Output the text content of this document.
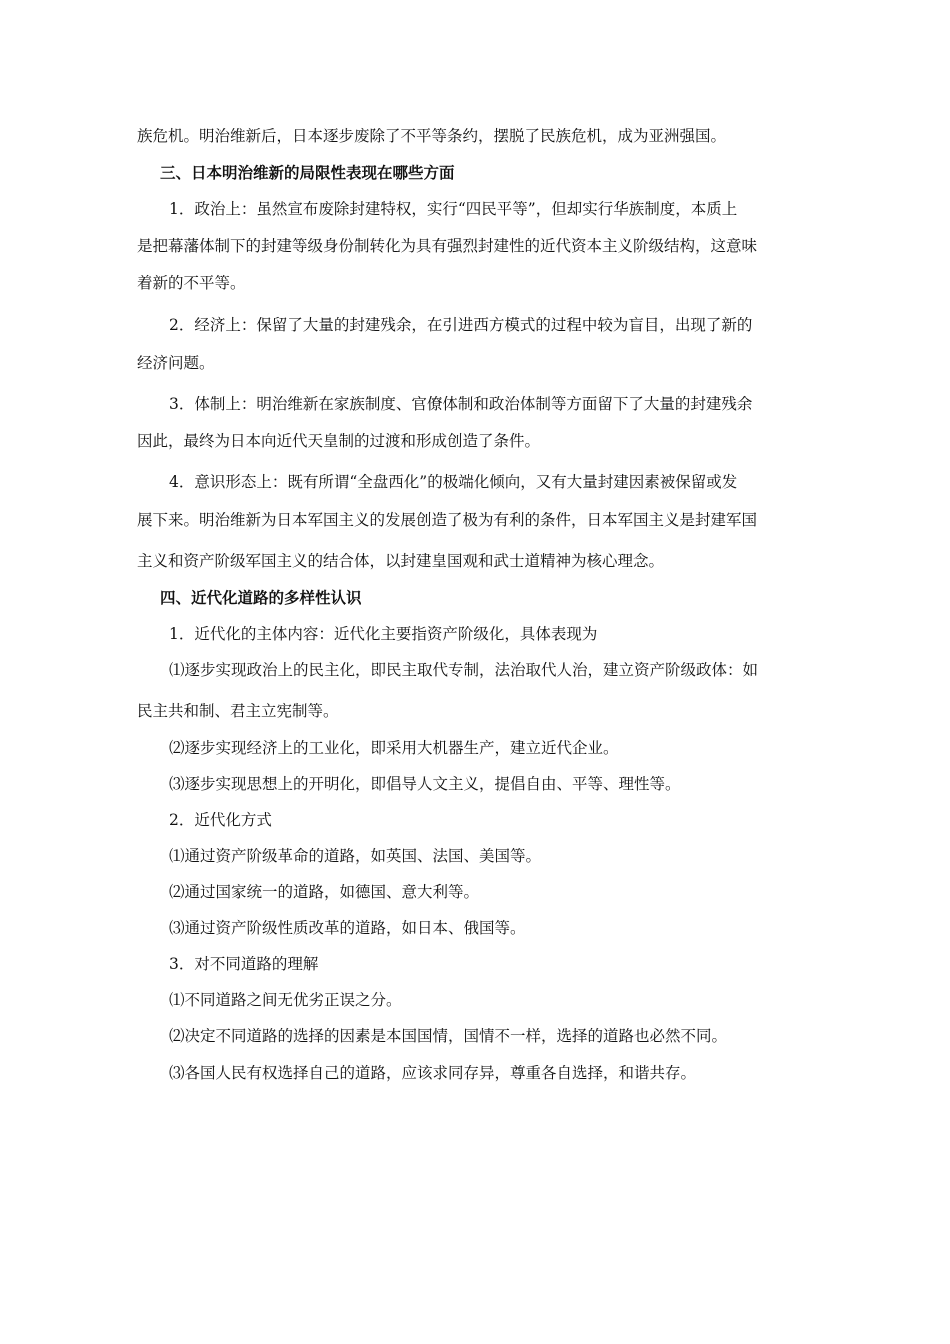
族危机。明治维新后，日本逐步废除了不平等条约，摆脱了民族危机，成为亚洲强国。
三、日本明治维新的局限性表现在哪些方面
1．政治上：虽然宣布废除封建特权，实行“四民平等”，但却实行华族制度，本质上
是把幕藩体制下的封建等级身份制转化为具有强烈封建性的近代资本主义阶级结构，这意味
着新的不平等。
2．经济上：保留了大量的封建残余，在引进西方模式的过程中较为盲目，出现了新的
经济问题。
3．体制上：明治维新在家族制度、官僚体制和政治体制等方面留下了大量的封建残余
因此，最终为日本向近代天皇制的过渡和形成创造了条件。
4．意识形态上：既有所谓“全盘西化”的极端化倾向，又有大量封建因素被保留或发
展下来。明治维新为日本军国主义的发展创造了极为有利的条件，日本军国主义是封建军国
主义和资产阶级军国主义的结合体，以封建皇国观和武士道精神为核心理念。
四、近代化道路的多样性认识
1．近代化的主体内容：近代化主要指资产阶级化，具体表现为
⑴逐步实现政治上的民主化，即民主取代专制，法治取代人治，建立资产阶级政体：如
民主共和制、君主立宪制等。
⑵逐步实现经济上的工业化，即采用大机器生产，建立近代企业。
⑶逐步实现思想上的开明化，即倡导人文主义，提倡自由、平等、理性等。
2．近代化方式
⑴通过资产阶级革命的道路，如英国、法国、美国等。
⑵通过国家统一的道路，如德国、意大利等。
⑶通过资产阶级性质改革的道路，如日本、俄国等。
3．对不同道路的理解
⑴不同道路之间无优劣正误之分。
⑵决定不同道路的选择的因素是本国国情，国情不一样，选择的道路也必然不同。
⑶各国人民有权选择自己的道路，应该求同存异，尊重各自选择，和谐共存。
